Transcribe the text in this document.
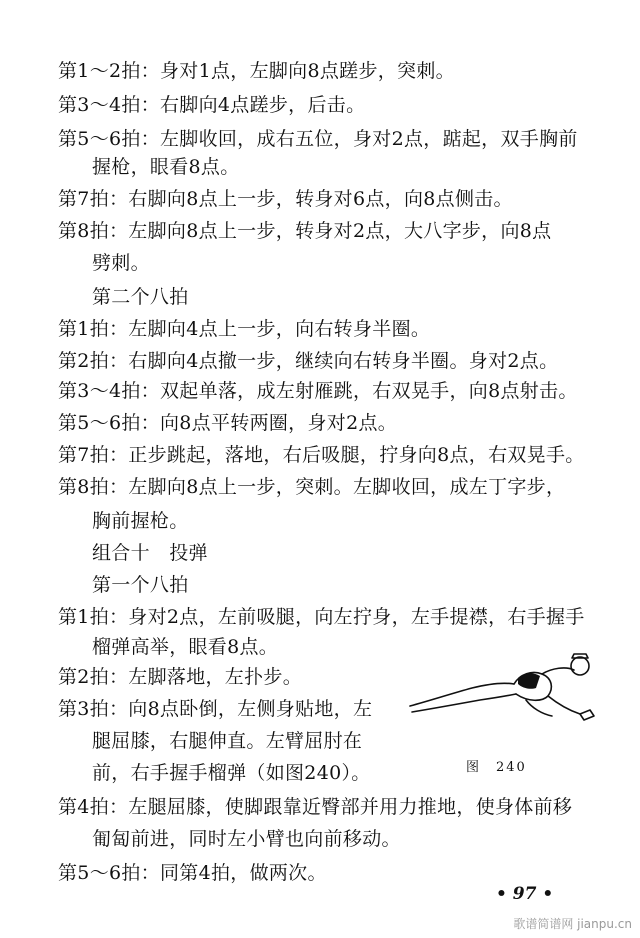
第1～2拍：身对1点，左脚向8点蹉步，突刺。
第3～4拍：右脚向4点蹉步，后击。
第5～6拍：左脚收回，成右五位，身对2点，踮起，双手胸前
握枪，眼看8点。
第7拍：右脚向8点上一步，转身对6点，向8点侧击。
第8拍：左脚向8点上一步，转身对2点，大八字步，向8点
劈刺。
第二个八拍
第1拍：左脚向4点上一步，向右转身半圈。
第2拍：右脚向4点撤一步，继续向右转身半圈。身对2点。
第3～4拍：双起单落，成左射雁跳，右双晃手，向8点射击。
第5～6拍：向8点平转两圈，身对2点。
第7拍：正步跳起，落地，右后吸腿，拧身向8点，右双晃手。
第8拍：左脚向8点上一步，突刺。左脚收回，成左丁字步，
胸前握枪。
组合十　投弹
第一个八拍
第1拍：身对2点，左前吸腿，向左拧身，左手提襟，右手握手
榴弹高举，眼看8点。
第2拍：左脚落地，左扑步。
第3拍：向8点卧倒，左侧身贴地，左
腿屈膝，右腿伸直。左臂屈肘在
前，右手握手榴弹（如图240）。
第4拍：左腿屈膝，使脚跟靠近臀部并用力推地，使身体前移
匍匐前进，同时左小臂也向前移动。
第5～6拍：同第4拍，做两次。
图　240
• 97 •
歌谱简谱网 jianpu.cn
